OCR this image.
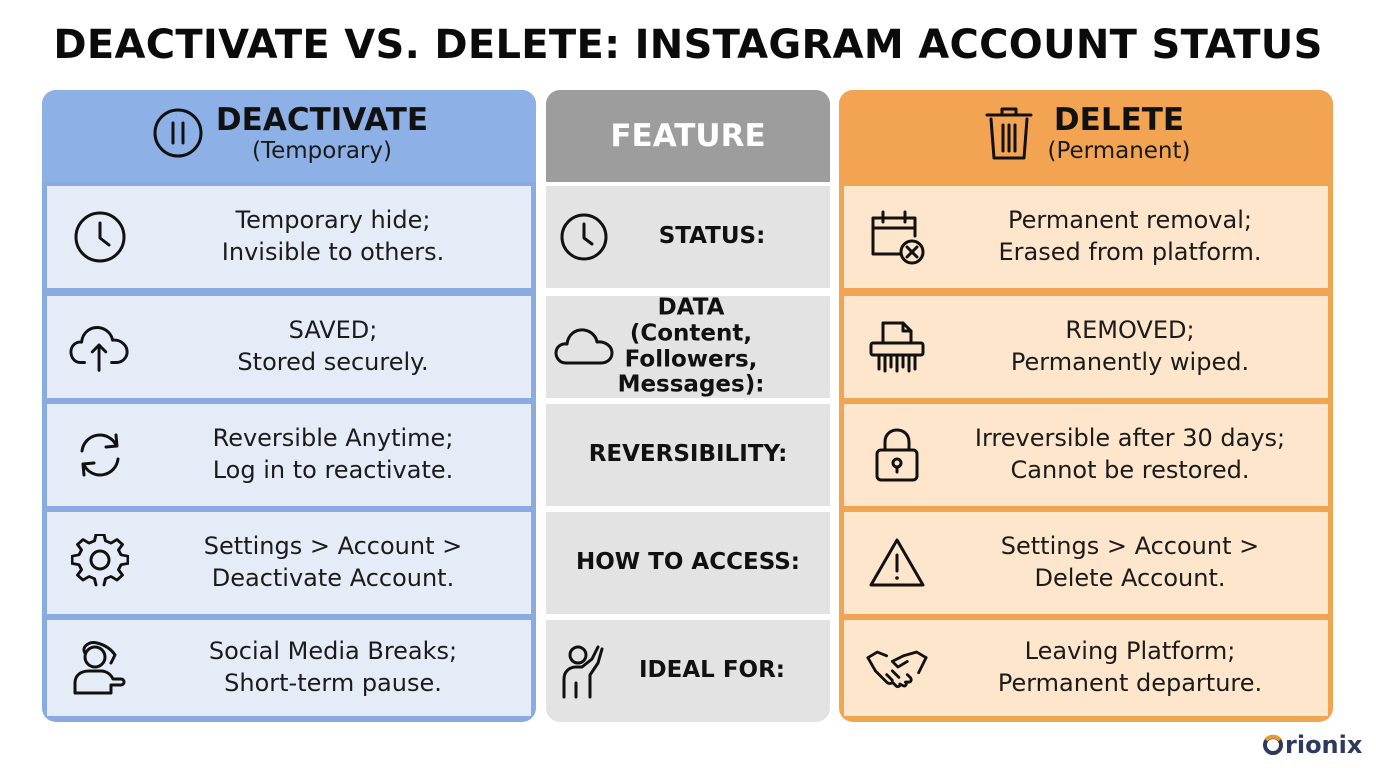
DEACTIVATE VS. DELETE: INSTAGRAM ACCOUNT STATUS
DEACTIVATE
(Temporary)
Temporary hide;
Invisible to others.
SAVED;
Stored securely.
Reversible Anytime;
Log in to reactivate.
Settings > Account >
Deactivate Account.
Social Media Breaks;
Short-term pause.
FEATURE
STATUS:
DATA
(Content,
Followers, Messages):
REVERSIBILITY:
HOW TO ACCESS:
IDEAL FOR:
DELETE
(Permanent)
Permanent removal;
Erased from platform.
REMOVED;
Permanently wiped.
Irreversible after 30 days;
Cannot be restored.
Settings > Account >
Delete Account.
Leaving Platform;
Permanent departure.
rionix
